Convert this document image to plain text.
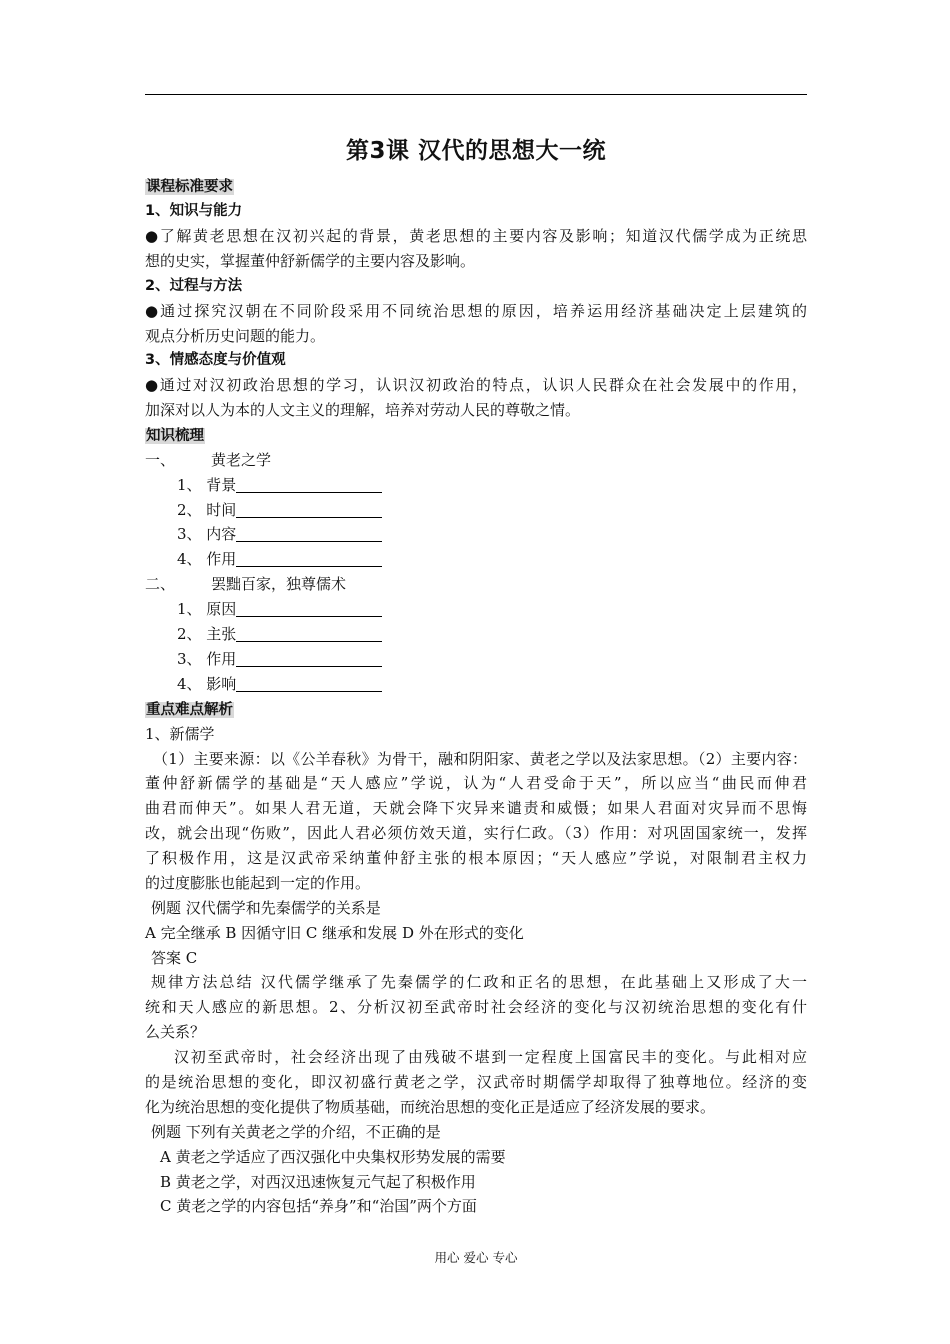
第3课 汉代的思想大一统
课程标准要求
1、知识与能力
●了解黄老思想在汉初兴起的背景，黄老思想的主要内容及影响；知道汉代儒学成为正统思
想的史实，掌握董仲舒新儒学的主要内容及影响。
2、过程与方法
●通过探究汉朝在不同阶段采用不同统治思想的原因，培养运用经济基础决定上层建筑的
观点分析历史问题的能力。
3、情感态度与价值观
●通过对汉初政治思想的学习，认识汉初政治的特点，认识人民群众在社会发展中的作用，
加深对以人为本的人文主义的理解，培养对劳动人民的尊敬之情。
知识梳理
一、 黄老之学
1、 背景
2、 时间
3、 内容
4、 作用
二、 罢黜百家，独尊儒术
1、 原因
2、 主张
3、 作用
4、 影响
重点难点解析
1、新儒学
（1）主要来源：以《公羊春秋》为骨干，融和阴阳家、黄老之学以及法家思想。（2）主要内容：
董仲舒新儒学的基础是“天人感应”学说，认为“人君受命于天”，所以应当“曲民而伸君
曲君而伸天”。如果人君无道，天就会降下灾异来谴责和威慑；如果人君面对灾异而不思悔
改，就会出现“伤败”，因此人君必须仿效天道，实行仁政。（3）作用：对巩固国家统一，发挥
了积极作用，这是汉武帝采纳董仲舒主张的根本原因；“天人感应”学说，对限制君主权力
的过度膨胀也能起到一定的作用。
例题 汉代儒学和先秦儒学的关系是
A 完全继承 B 因循守旧 C 继承和发展 D 外在形式的变化
答案 C
规律方法总结 汉代儒学继承了先秦儒学的仁政和正名的思想，在此基础上又形成了大一
统和天人感应的新思想。2、分析汉初至武帝时社会经济的变化与汉初统治思想的变化有什
么关系？
汉初至武帝时，社会经济出现了由残破不堪到一定程度上国富民丰的变化。与此相对应
的是统治思想的变化，即汉初盛行黄老之学，汉武帝时期儒学却取得了独尊地位。经济的变
化为统治思想的变化提供了物质基础，而统治思想的变化正是适应了经济发展的要求。
例题 下列有关黄老之学的介绍，不正确的是
A 黄老之学适应了西汉强化中央集权形势发展的需要
B 黄老之学，对西汉迅速恢复元气起了积极作用
C 黄老之学的内容包括“养身”和“治国”两个方面
用心 爱心 专心
